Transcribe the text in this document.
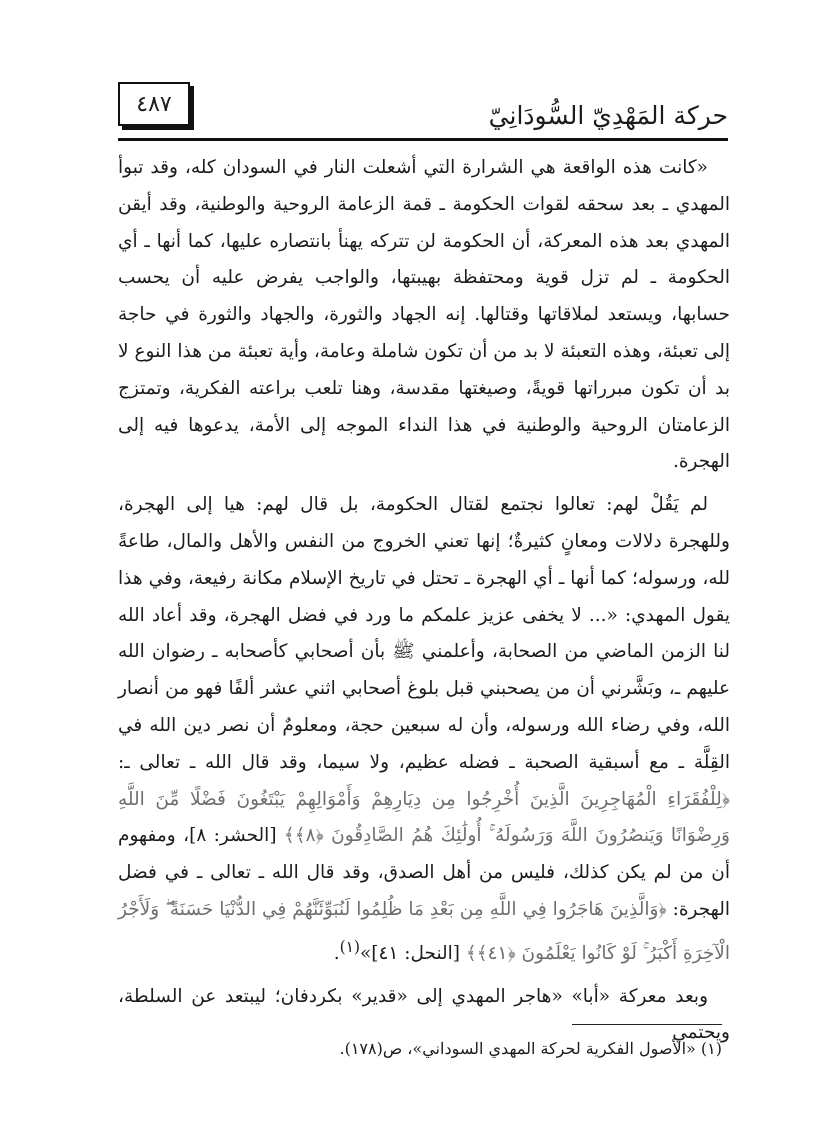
حركة المَهْدِيّ السُّودَانِيّ
٤٨٧

«كانت هذه الواقعة هي الشرارة التي أشعلت النار في السودان كله، وقد تبوأ المهدي ـ بعد سحقه لقوات الحكومة ـ قمة الزعامة الروحية والوطنية، وقد أيقن المهدي بعد هذه المعركة، أن الحكومة لن تتركه يهنأ بانتصاره عليها، كما أنها ـ أي الحكومة ـ لم تزل قوية ومحتفظة بهيبتها، والواجب يفرض عليه أن يحسب حسابها، ويستعد لملاقاتها وقتالها. إنه الجهاد والثورة، والجهاد والثورة في حاجة إلى تعبئة، وهذه التعبئة لا بد من أن تكون شاملة وعامة، وأية تعبئة من هذا النوع لا بد أن تكون مبرراتها قويةً، وصيغتها مقدسة، وهنا تلعب براعته الفكرية، وتمتزج الزعامتان الروحية والوطنية في هذا النداء الموجه إلى الأمة، يدعوها فيه إلى الهجرة.

لم يَقُلْ لهم: تعالوا نجتمع لقتال الحكومة، بل قال لهم: هيا إلى الهجرة، وللهجرة دلالات ومعانٍ كثيرةٌ؛ إنها تعني الخروج من النفس والأهل والمال، طاعةً لله، ورسوله؛ كما أنها ـ أي الهجرة ـ تحتل في تاريخ الإسلام مكانة رفيعة، وفي هذا يقول المهدي: «... لا يخفى عزيز علمكم ما ورد في فضل الهجرة، وقد أعاد الله لنا الزمن الماضي من الصحابة، وأعلمني ﷺ بأن أصحابي كأصحابه ـ رضوان الله عليهم ـ، وبَشَّرني أن من يصحبني قبل بلوغ أصحابي اثني عشر ألفًا فهو من أنصار الله، وفي رضاء الله ورسوله، وأن له سبعين حجة، ومعلومٌ أن نصر دين الله في القِلَّة ـ مع أسبقية الصحبة ـ فضله عظيم، ولا سيما، وقد قال الله ـ تعالى ـ: ﴿لِلْفُقَرَاءِ الْمُهَاجِرِينَ الَّذِينَ أُخْرِجُوا مِن دِيَارِهِمْ وَأَمْوَالِهِمْ يَبْتَغُونَ فَضْلًا مِّنَ اللَّهِ وَرِضْوَانًا وَيَنصُرُونَ اللَّهَ وَرَسُولَهُ ۚ أُولَٰئِكَ هُمُ الصَّادِقُونَ ﴿٨﴾﴾ [الحشر: ٨]، ومفهوم أن من لم يكن كذلك، فليس من أهل الصدق، وقد قال الله ـ تعالى ـ في فضل الهجرة: ﴿وَالَّذِينَ هَاجَرُوا فِي اللَّهِ مِن بَعْدِ مَا ظُلِمُوا لَنُبَوِّئَنَّهُمْ فِي الدُّنْيَا حَسَنَةً ۖ وَلَأَجْرُ الْآخِرَةِ أَكْبَرُ ۚ لَوْ كَانُوا يَعْلَمُونَ ﴿٤١﴾﴾ [النحل: ٤١]»$^{(١)}$.

وبعد معركة «أبا» «هاجر المهدي إلى «قدير» بكردفان؛ ليبتعد عن السلطة، ويحتمي

(١) «الأصول الفكرية لحركة المهدي السوداني»، ص(١٧٨).
